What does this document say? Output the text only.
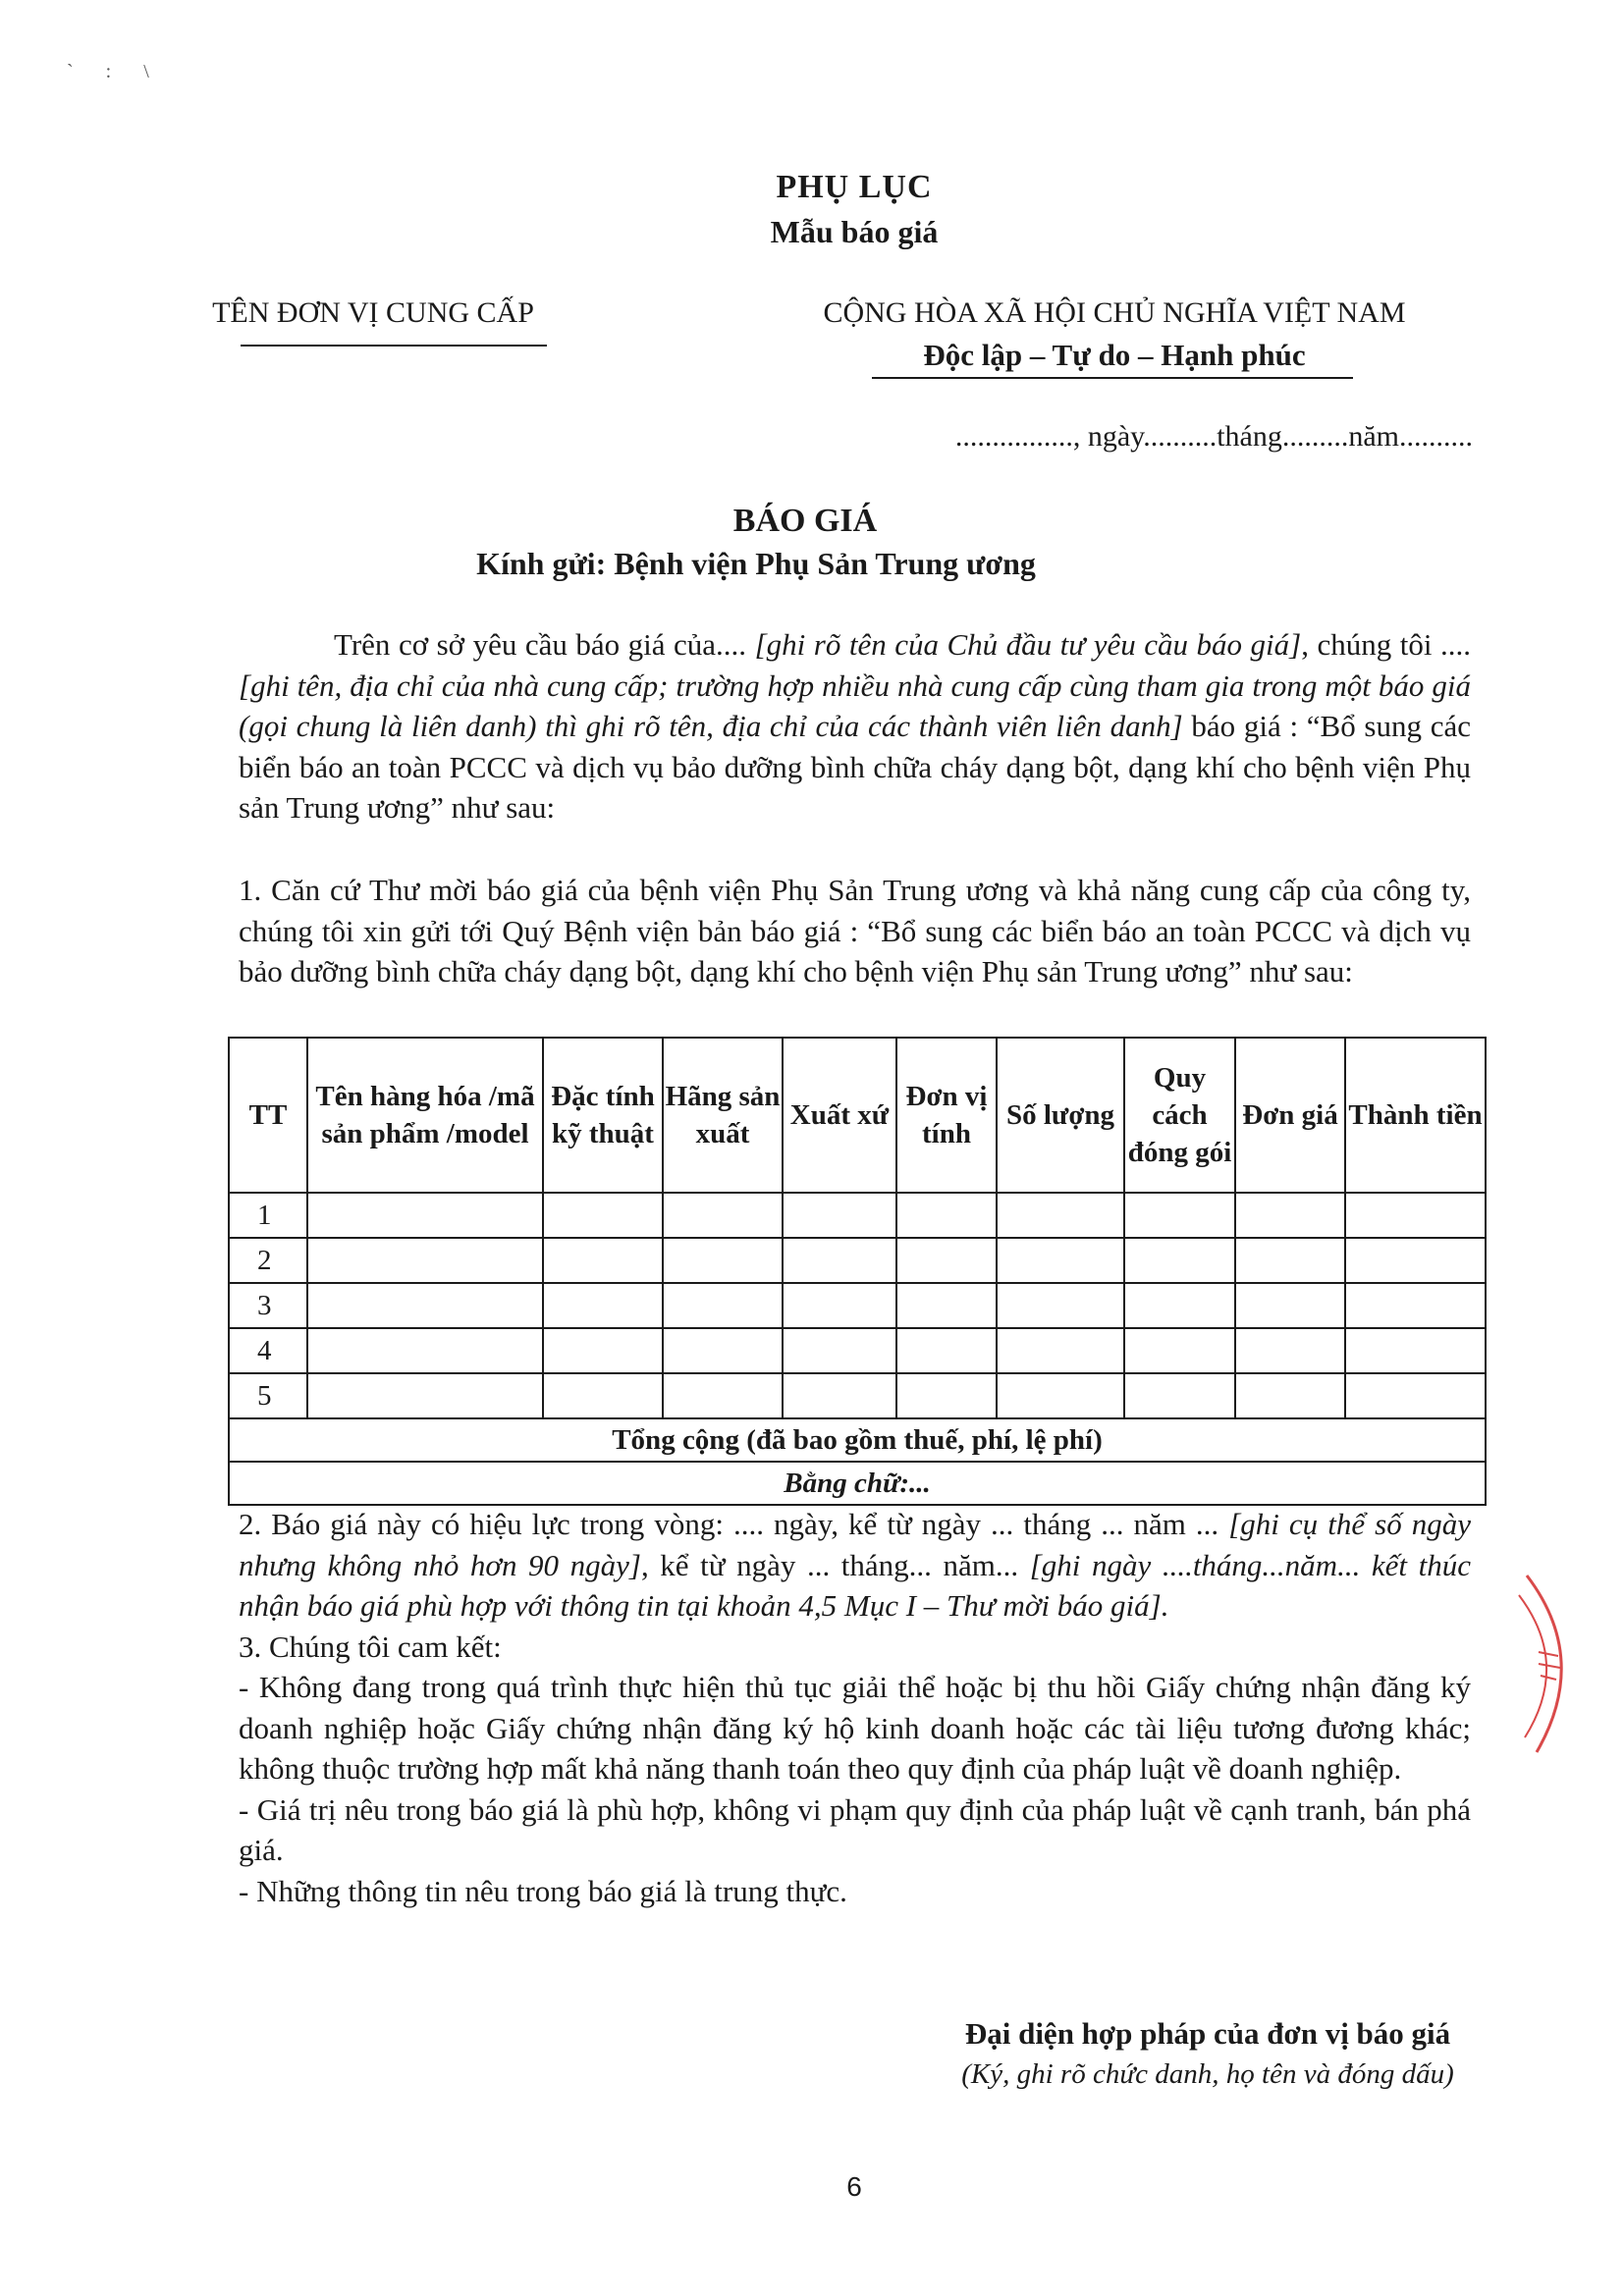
` : \
PHỤ LỤC
Mẫu báo giá
TÊN ĐƠN VỊ CUNG CẤP	CỘNG HÒA XÃ HỘI CHỦ NGHĨA VIỆT NAM
Độc lập – Tự do – Hạnh phúc
................, ngày..........tháng.........năm..........
BÁO GIÁ
Kính gửi: Bệnh viện Phụ Sản Trung ương
Trên cơ sở yêu cầu báo giá của.... [ghi rõ tên của Chủ đầu tư yêu cầu báo giá], chúng tôi .... [ghi tên, địa chỉ của nhà cung cấp; trường hợp nhiều nhà cung cấp cùng tham gia trong một báo giá (gọi chung là liên danh) thì ghi rõ tên, địa chỉ của các thành viên liên danh] báo giá : “Bổ sung các biển báo an toàn PCCC và dịch vụ bảo dưỡng bình chữa cháy dạng bột, dạng khí cho bệnh viện Phụ sản Trung ương” như sau:
1. Căn cứ Thư mời báo giá của bệnh viện Phụ Sản Trung ương và khả năng cung cấp của công ty, chúng tôi xin gửi tới Quý Bệnh viện bản báo giá : “Bổ sung các biển báo an toàn PCCC và dịch vụ bảo dưỡng bình chữa cháy dạng bột, dạng khí cho bệnh viện Phụ sản Trung ương” như sau:
TT	Tên hàng hóa /mã sản phẩm /model	Đặc tính kỹ thuật	Hãng sản xuất	Xuất xứ	Đơn vị tính	Số lượng	Quy cách đóng gói	Đơn giá	Thành tiền
1									
2									
3									
4									
5									
Tổng cộng (đã bao gồm thuế, phí, lệ phí)									
Bằng chữ:...									
2. Báo giá này có hiệu lực trong vòng: .... ngày, kể từ ngày ... tháng ... năm ... [ghi cụ thể số ngày nhưng không nhỏ hơn 90 ngày], kể từ ngày ... tháng... năm... [ghi ngày ....tháng...năm... kết thúc nhận báo giá phù hợp với thông tin tại khoản 4,5 Mục I – Thư mời báo giá].
3. Chúng tôi cam kết:
- Không đang trong quá trình thực hiện thủ tục giải thể hoặc bị thu hồi Giấy chứng nhận đăng ký doanh nghiệp hoặc Giấy chứng nhận đăng ký hộ kinh doanh hoặc các tài liệu tương đương khác; không thuộc trường hợp mất khả năng thanh toán theo quy định của pháp luật về doanh nghiệp.
- Giá trị nêu trong báo giá là phù hợp, không vi phạm quy định của pháp luật về cạnh tranh, bán phá giá.
- Những thông tin nêu trong báo giá là trung thực.
Đại diện hợp pháp của đơn vị báo giá
(Ký, ghi rõ chức danh, họ tên và đóng dấu)
6
